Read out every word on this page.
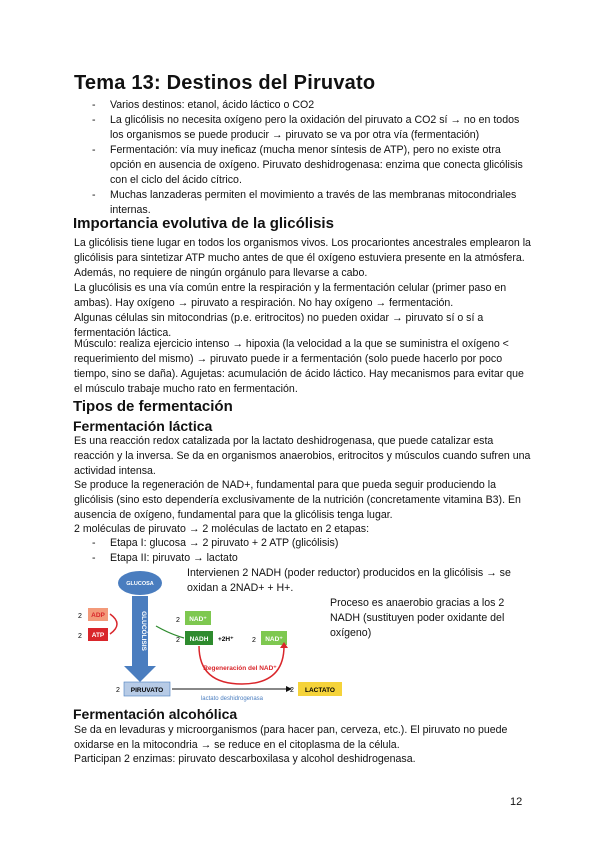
Tema 13: Destinos del Piruvato
- Varios destinos: etanol, ácido láctico o CO2
- La glicólisis no necesita oxígeno pero la oxidación del piruvato a CO2 sí → no en todos los organismos se puede producir → piruvato se va por otra vía (fermentación)
- Fermentación: vía muy ineficaz (mucha menor síntesis de ATP), pero no existe otra opción en ausencia de oxígeno. Piruvato deshidrogenasa: enzima que conecta glicólisis con el ciclo del ácido cítrico.
- Muchas lanzaderas permiten el movimiento a través de las membranas mitocondriales internas.
Importancia evolutiva de la glicólisis
La glicólisis tiene lugar en todos los organismos vivos. Los procariontes ancestrales emplearon la glicólisis para sintetizar ATP mucho antes de que él oxígeno estuviera presente en la atmósfera. Además, no requiere de ningún orgánulo para llevarse a cabo.
La glucólisis es una vía común entre la respiración y la fermentación celular (primer paso en ambas). Hay oxígeno → piruvato a respiración. No hay oxígeno → fermentación.
Algunas células sin mitocondrias (p.e. eritrocitos) no pueden oxidar → piruvato sí o sí a fermentación láctica.
Músculo: realiza ejercicio intenso → hipoxia (la velocidad a la que se suministra el oxígeno < requerimiento del mismo) → piruvato puede ir a fermentación (solo puede hacerlo por poco tiempo, sino se daña). Agujetas: acumulación de ácido láctico. Hay mecanismos para evitar que el músculo trabaje mucho rato en fermentación.
Tipos de fermentación
Fermentación láctica
Es una reacción redox catalizada por la lactato deshidrogenasa, que puede catalizar esta reacción y la inversa. Se da en organismos anaerobios, eritrocitos y músculos cuando sufren una actividad intensa.
Se produce la regeneración de NAD+, fundamental para que pueda seguir produciendo la glicólisis (sino esto dependería exclusivamente de la nutrición (concretamente vitamina B3). En ausencia de oxígeno, fundamental para que la glicólisis tenga lugar.
2 moléculas de piruvato → 2 moléculas de lactato en 2 etapas:
- Etapa I: glucosa → 2 piruvato + 2 ATP (glicólisis)
- Etapa II: piruvato → lactato
GLUCOSA
GLUCÓLISIS
2 ADP
2 ATP
2 NAD⁺
2 NADH +2H⁺	2 NAD⁺
Regeneración del NAD⁺
2 PIRUVATO
lactato deshidrogenasa
2 LACTATO
Intervienen 2 NADH (poder reductor) producidos en la glicólisis → se oxidan a 2NAD+ + H+.
Proceso es anaerobio gracias a los 2 NADH (sustituyen poder oxidante del oxígeno)
Fermentación alcohólica
Se da en levaduras y microorganismos (para hacer pan, cerveza, etc.). El piruvato no puede oxidarse en la mitocondria → se reduce en el citoplasma de la célula.
Participan 2 enzimas: piruvato descarboxilasa y alcohol deshidrogenasa.
12
